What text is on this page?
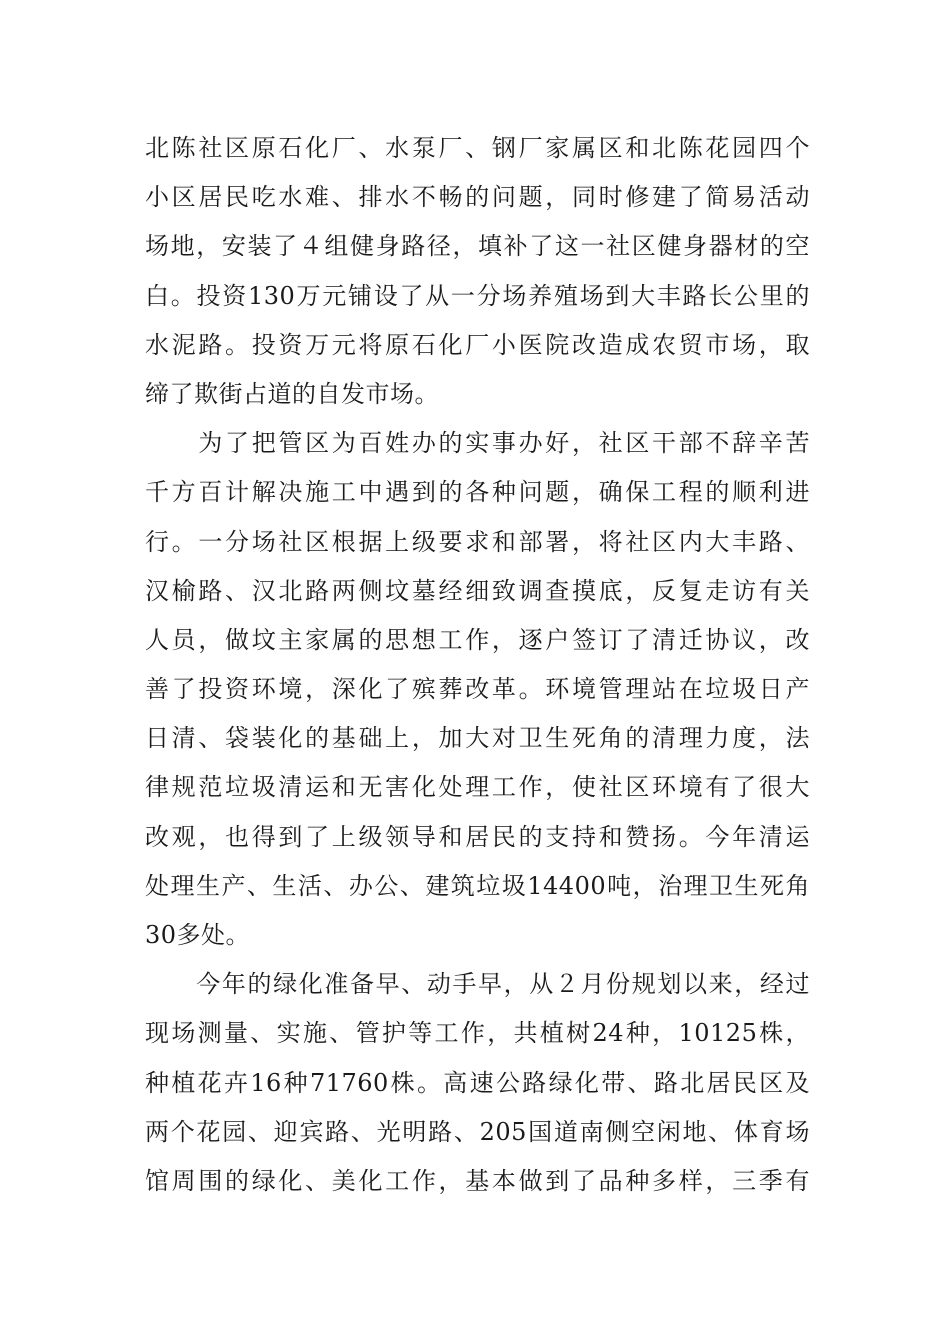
北陈社区原石化厂、水泵厂、钢厂家属区和北陈花园四个
小区居民吃水难、排水不畅的问题，同时修建了简易活动
场地，安装了４组健身路径，填补了这一社区健身器材的空
白。投资130万元铺设了从一分场养殖场到大丰路长公里的
水泥路。投资万元将原石化厂小医院改造成农贸市场，取
缔了欺街占道的自发市场。
　　为了把管区为百姓办的实事办好，社区干部不辞辛苦
千方百计解决施工中遇到的各种问题，确保工程的顺利进
行。一分场社区根据上级要求和部署，将社区内大丰路、
汉榆路、汉北路两侧坟墓经细致调查摸底，反复走访有关
人员，做坟主家属的思想工作，逐户签订了清迁协议，改
善了投资环境，深化了殡葬改革。环境管理站在垃圾日产
日清、袋装化的基础上，加大对卫生死角的清理力度，法
律规范垃圾清运和无害化处理工作，使社区环境有了很大
改观，也得到了上级领导和居民的支持和赞扬。今年清运
处理生产、生活、办公、建筑垃圾14400吨，治理卫生死角
30多处。
　　今年的绿化准备早、动手早，从２月份规划以来，经过
现场测量、实施、管护等工作，共植树24种，10125株，
种植花卉16种71760株。高速公路绿化带、路北居民区及
两个花园、迎宾路、光明路、205国道南侧空闲地、体育场
馆周围的绿化、美化工作，基本做到了品种多样，三季有
